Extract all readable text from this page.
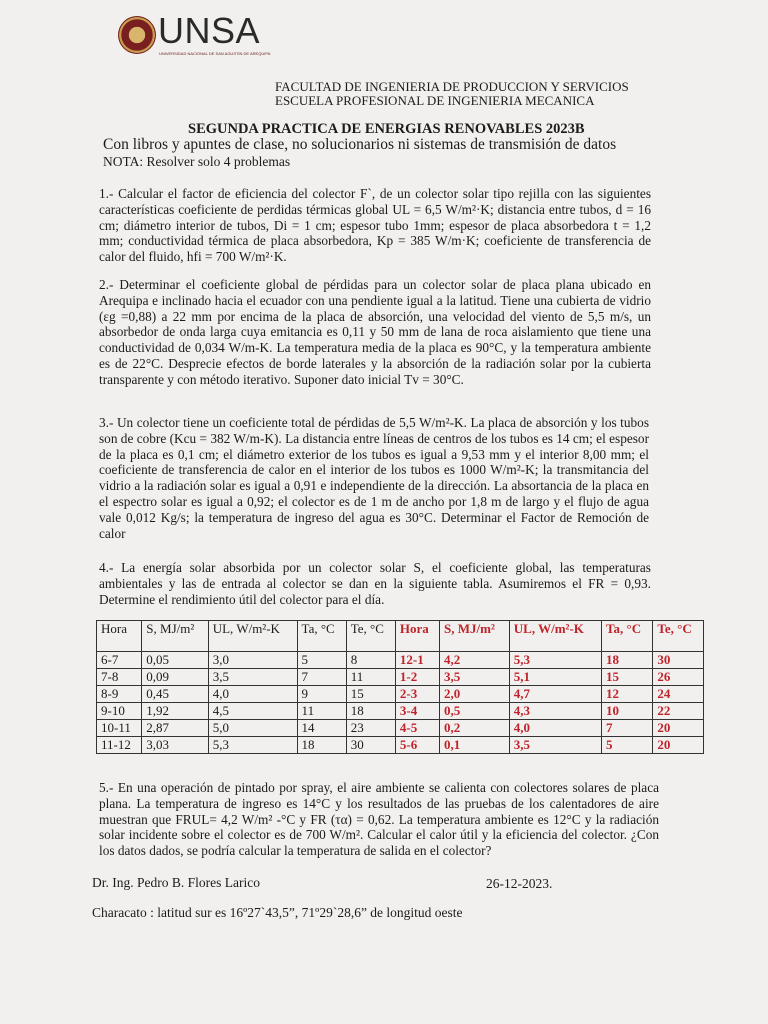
UNSA
UNIVERSIDAD NACIONAL DE SAN AGUSTIN DE AREQUIPA
FACULTAD DE INGENIERIA DE PRODUCCION Y SERVICIOS
ESCUELA PROFESIONAL DE INGENIERIA MECANICA
SEGUNDA PRACTICA DE ENERGIAS RENOVABLES 2023B
Con libros y apuntes de clase, no solucionarios ni sistemas de transmisión de datos
NOTA: Resolver solo 4 problemas

1.- Calcular el factor de eficiencia del colector F`, de un colector solar tipo rejilla con las siguientes características coeficiente de perdidas térmicas global UL = 6,5 W/m²·K; distancia entre tubos, d = 16 cm; diámetro interior de tubos, Di = 1 cm; espesor tubo 1mm; espesor de placa absorbedora t = 1,2 mm; conductividad térmica de placa absorbedora, Kp = 385 W/m·K; coeficiente de transferencia de calor del fluido, hfi = 700 W/m²·K.

2.- Determinar el coeficiente global de pérdidas para un colector solar de placa plana ubicado en Arequipa e inclinado hacia el ecuador con una pendiente igual a la latitud. Tiene una cubierta de vidrio (εg =0,88) a 22 mm por encima de la placa de absorción, una velocidad del viento de 5,5 m/s, un absorbedor de onda larga cuya emitancia es 0,11 y 50 mm de lana de roca aislamiento que tiene una conductividad de 0,034 W/m-K. La temperatura media de la placa es 90°C, y la temperatura ambiente es de 22°C. Desprecie efectos de borde laterales y la absorción de la radiación solar por la cubierta transparente y con método iterativo. Suponer dato inicial Tv = 30°C.

3.- Un colector tiene un coeficiente total de pérdidas de 5,5 W/m²-K. La placa de absorción y los tubos son de cobre (Kcu = 382 W/m-K). La distancia entre líneas de centros de los tubos es 14 cm; el espesor de la placa es 0,1 cm; el diámetro exterior de los tubos es igual a 9,53 mm y el interior 8,00 mm; el coeficiente de transferencia de calor en el interior de los tubos es 1000 W/m²-K; la transmitancia del vidrio a la radiación solar es igual a 0,91 e independiente de la dirección. La absortancia de la placa en el espectro solar es igual a 0,92; el colector es de 1 m de ancho por 1,8 m de largo y el flujo de agua vale 0,012 Kg/s; la temperatura de ingreso del agua es 30°C. Determinar el Factor de Remoción de calor

4.- La energía solar absorbida por un colector solar S, el coeficiente global, las temperaturas ambientales y las de entrada al colector se dan en la siguiente tabla. Asumiremos el FR = 0,93. Determine el rendimiento útil del colector para el día.

Hora	S, MJ/m²	UL, W/m²-K	Ta, °C	Te, °C	Hora	S, MJ/m²	UL, W/m²-K	Ta, °C	Te, °C
6-7	0,05	3,0	5	8	12-1	4,2	5,3	18	30
7-8	0,09	3,5	7	11	1-2	3,5	5,1	15	26
8-9	0,45	4,0	9	15	2-3	2,0	4,7	12	24
9-10	1,92	4,5	11	18	3-4	0,5	4,3	10	22
10-11	2,87	5,0	14	23	4-5	0,2	4,0	7	20
11-12	3,03	5,3	18	30	5-6	0,1	3,5	5	20

5.- En una operación de pintado por spray, el aire ambiente se calienta con colectores solares de placa plana. La temperatura de ingreso es 14°C y los resultados de las pruebas de los calentadores de aire muestran que FRUL= 4,2 W/m² -°C y FR (τα) = 0,62. La temperatura ambiente es 12°C y la radiación solar incidente sobre el colector es de 700 W/m². Calcular el calor útil y la eficiencia del colector. ¿Con los datos dados, se podría calcular la temperatura de salida en el colector?

Dr. Ing. Pedro B. Flores Larico	26-12-2023.
Characato : latitud sur es 16º27`43,5”, 71º29`28,6” de longitud oeste
